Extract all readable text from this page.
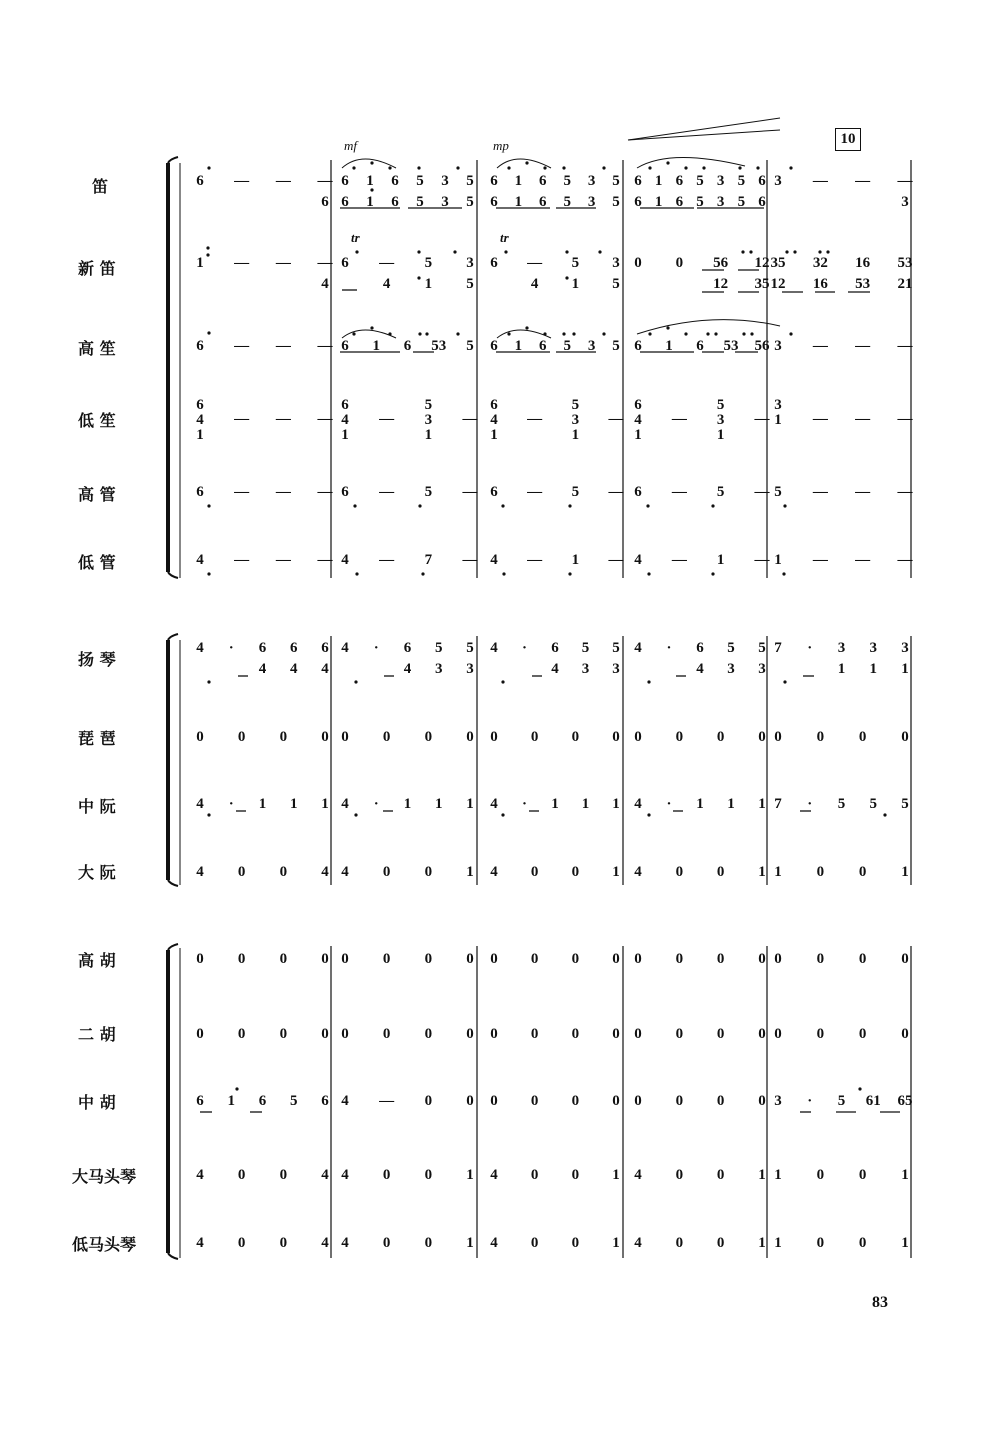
笛
新 笛
高 笙
低 笙
高 管
低 管
扬 琴
琵 琶
中 阮
大 阮
高 胡
二 胡
中 胡
大马头琴
低马头琴
mf	mp
tr	tr
10
6	—	—	—
6
6	1	6	5	3	5
6	1	6	5	3	5
6	1	6	5	3	5
6	1	6	5	3	5
6 1 6 5 3 5 6
6 1 6 5 3 5 6
3	—	—	—
3
1	—	—	—
4
6	—	5	3
4	1	5
6	—	5	3
4	1	5
0	0	56	12
12	35
35	32	16	53
12	16	53	21
6	—	—	— 6	1	6	53	5	6	1	6	5	3	5 6	1	6	53	56 3	—	—	—
6
4
1
—	—	—
6
4
1
—
5
3
1
—
6
4
1
—
5
3
1
—
6
4
1
—
5
3
1
—
3
1	—	—	—
6	—	—	— 6	—	5	— 6	—	5	— 6	—	5	— 5	—	—	—
4	—	—	— 4	—	7	— 4	—	1	— 4	—	1	— 1	—	—	—
4	·	6	6	6
4	4	4
4	·	6	5	5
4	3	3
4	·	6	5	5
4	3	3
4	·	6	5	5
4	3	3
7	·	3	3	3
1	1	1
0	0	0	0 0	0	0	0	0	0	0	0 0	0	0	0 0	0	0	0
4	·	1	1	1 4	·	1	1	1	4	·	1	1	1 4	·	1	1	1 7	·	5	5	5
4	0	0	4 4	0	0	1	4	0	0	1 4	0	0	1 1	0	0	1
0	0	0	0 0	0	0	0	0	0	0	0 0	0	0	0 0	0	0	0
0	0	0	0 0	0	0	0	0	0	0	0 0	0	0	0 0	0	0	0
6	1	6	5	6 4	—	0	0	0	0	0	0 0	0	0	0 3	·	5	61	65
4	0	0	4 4	0	0	1	4	0	0	1 4	0	0	1 1	0	0	1
4	0	0	4 4	0	0	1	4	0	0	1 4	0	0	1 1	0	0	1
83
